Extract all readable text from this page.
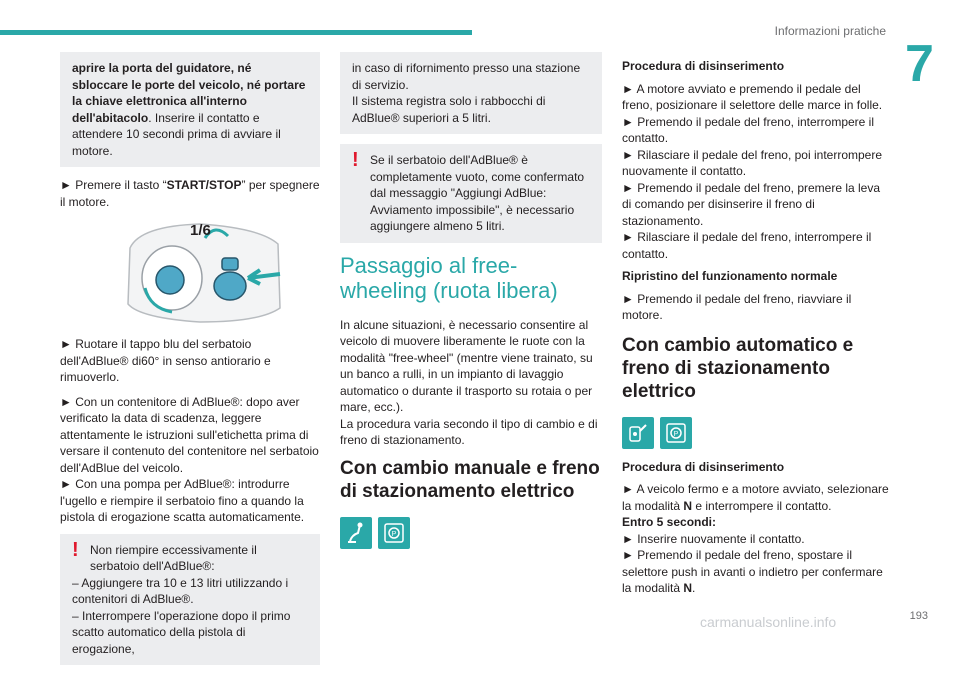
Informazioni pratiche
7
aprire la porta del guidatore, né sbloccare le porte del veicolo, né portare la chiave elettronica all'interno dell'abitacolo. Inserire il contatto e attendere 10 secondi prima di avviare il motore.

► Premere il tasto “START/STOP” per spegnere il motore.

1/6

► Ruotare il tappo blu del serbatoio dell'AdBlue® di60° in senso antiorario e rimuoverlo.

► Con un contenitore di AdBlue®: dopo aver verificato la data di scadenza, leggere attentamente le istruzioni sull'etichetta prima di versare il contenuto del contenitore nel serbatoio dell'AdBlue del veicolo.

► Con una pompa per AdBlue®: introdurre l'ugello e riempire il serbatoio fino a quando la pistola di erogazione scatta automaticamente.

! Non riempire eccessivamente il serbatoio dell'AdBlue®:
– Aggiungere tra 10 e 13 litri utilizzando i contenitori di AdBlue®.
– Interrompere l'operazione dopo il primo scatto automatico della pistola di erogazione,
in caso di rifornimento presso una stazione di servizio.
Il sistema registra solo i rabbocchi di AdBlue® superiori a 5 litri.
! Se il serbatoio dell'AdBlue® è completamente vuoto, come confermato dal messaggio "Aggiungi AdBlue: Avviamento impossibile", è necessario aggiungere almeno 5 litri.
Passaggio al free-wheeling (ruota libera)

In alcune situazioni, è necessario consentire al veicolo di muovere liberamente le ruote con la modalità "free-wheel" (mentre viene trainato, su un banco a rulli, in un impianto di lavaggio automatico o durante il trasporto su rotaia o per mare, ecc.).

La procedura varia secondo il tipo di cambio e di freno di stazionamento.

Con cambio manuale e freno di stazionamento elettrico
P
Procedura di disinserimento
► A motore avviato e premendo il pedale del freno, posizionare il selettore delle marce in folle.
► Premendo il pedale del freno, interrompere il contatto.
► Rilasciare il pedale del freno, poi interrompere nuovamente il contatto.
► Premendo il pedale del freno, premere la leva di comando per disinserire il freno di stazionamento.
► Rilasciare il pedale del freno, interrompere il contatto.
Ripristino del funzionamento normale

► Premendo il pedale del freno, riavviare il motore.

Con cambio automatico e freno di stazionamento elettrico
P
Procedura di disinserimento
► A veicolo fermo e a motore avviato, selezionare la modalità N e interrompere il contatto.
Entro 5 secondi:
► Inserire nuovamente il contatto.
► Premendo il pedale del freno, spostare il selettore push in avanti o indietro per confermare la modalità N.
carmanualsonline.info	193
